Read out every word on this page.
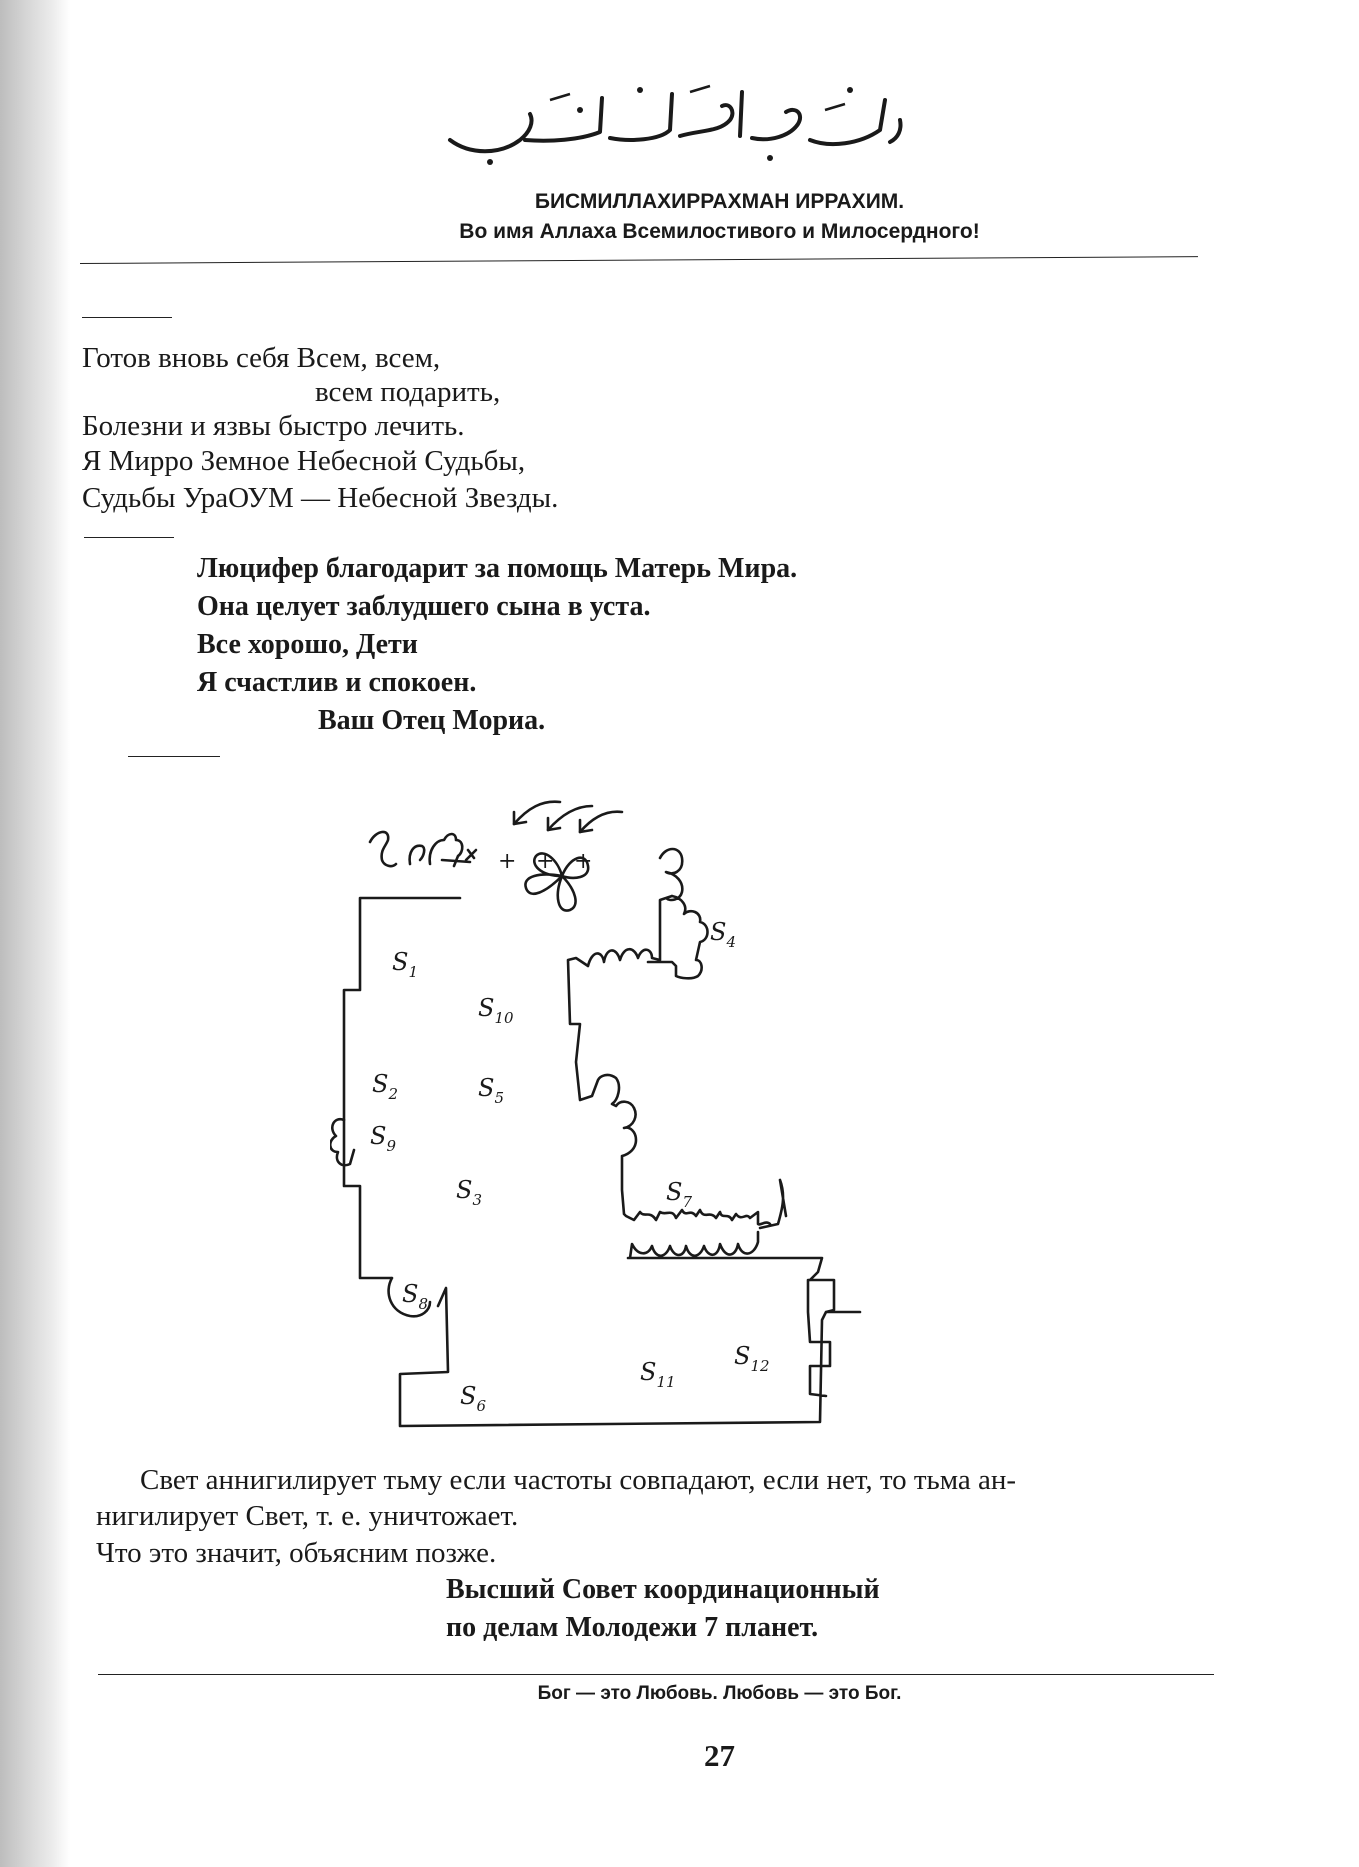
БИСМИЛЛАХИРРАХМАН ИРРАХИМ.
Во имя Аллаха Всемилостивого и Милосердного!
Готов вновь себя Всем, всем,
всем подарить,
Болезни и язвы быстро лечить.
Я Мирро Земное Небесной Судьбы,
Судьбы УраОУМ — Небесной Звезды.
Люцифер благодарит за помощь Матерь Мира.
Она целует заблудшего сына в уста.
Все хорошо, Дети
Я счастлив и спокоен.
Ваш Отец Мориа.
+ + +
$S_1$
$S_{10}$
$S_4$
$S_2$	$S_5$
$S_9$
$S_3$	$S_7$
$S_8$
$S_{12}$
$S_{11}$
$S_6$
Свет аннигилирует тьму если частоты совпадают, если нет, то тьма ан-
нигилирует Свет, т. е. уничтожает.
Что это значит, объясним позже.
Высший Совет координационный
по делам Молодежи 7 планет.
Бог — это Любовь. Любовь — это Бог.
27
